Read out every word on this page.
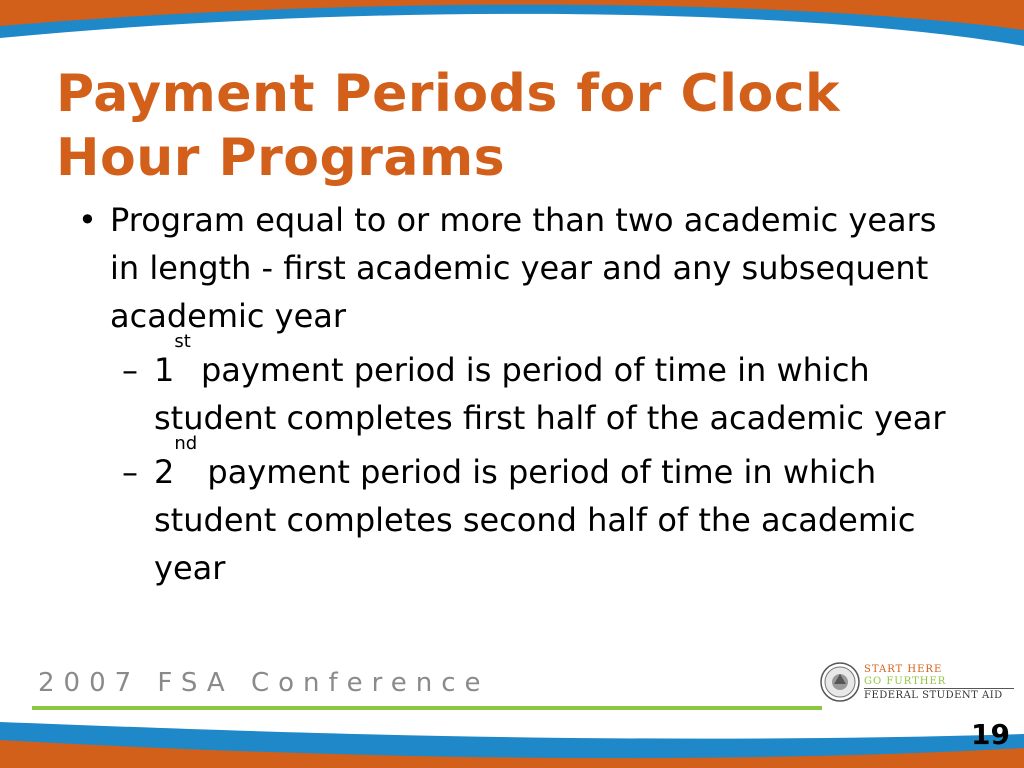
Payment Periods for Clock Hour Programs
• Program equal to or more than two academic years in length - first academic year and any subsequent academic year
– 1st payment period is period of time in which student completes first half of the academic year
– 2nd payment period is period of time in which student completes second half of the academic year
2007 FSA Conference	START HERE
GO FURTHER
FEDERAL STUDENT AID
19
